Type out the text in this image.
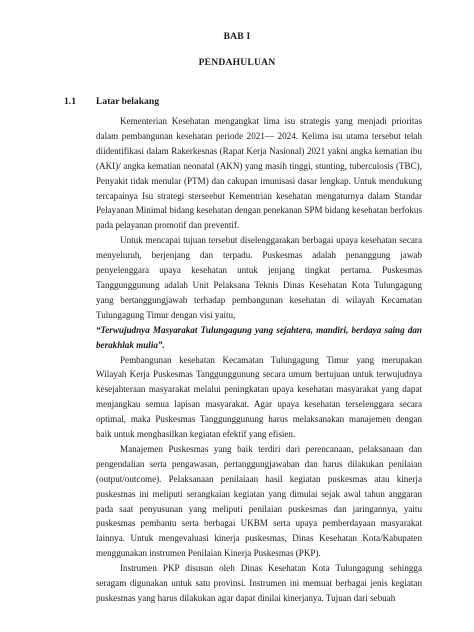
BAB I
PENDAHULUAN
1.1 Latar belakang

Kementerian Kesehatan mengangkat lima isu strategis yang menjadi prioritas dalam pembangunan kesehatan periode 2021— 2024. Kelima isu utama tersebut telah diidentifikasi dalam Rakerkesnas (Rapat Kerja Nasional) 2021 yakni angka kematian ibu (AKI)/ angka kematian neonatal (AKN) yang masih tinggi, stunting, tuberculosis (TBC), Penyakit tidak menular (PTM) dan cakupan imunisasi dasar lengkap. Untuk mendukung tercapainya Isu strategi sterseebut Kementrian kesehatan mengaturnya dalam Standar Pelayanan Minimal bidang kesehatan dengan penekanan SPM bidang kesehatan berfokus pada pelayanan promotif dan preventif.

Untuk mencapai tujuan tersebut diselenggarakan berbagai upaya kesehatan secara menyeluruh, berjenjang dan terpadu. Puskesmas adalah penanggung jawab penyelenggara upaya kesehatan untuk jenjang tingkat pertama. Puskesmas Tanggunggunung adalah Unit Pelaksana Teknis Dinas Kesehatan Kota Tulungagung yang bertanggungjawab terhadap pembangunan kesehatan di wilayah Kecamatan Tulungagung Timur dengan visi yaitu,

“Terwujudnya Masyarakat Tulungagung yang sejahtera, mandiri, berdaya saing dan berakhlak mulia”.

Pembangunan kesehatan Kecamatan Tulungagung Timur yang merupakan Wilayah Kerja Puskesmas Tanggunggunung secara umum bertujuan untuk terwujudnya kesejahteraan masyarakat melalui peningkatan upaya kesehatan masyarakat yang dapat menjangkau semua lapisan masyarakat. Agar upaya kesehatan terselenggara secara optimal, maka Puskesmas Tanggunggunung harus melaksanakan manajemen dengan baik untuk menghasilkan kegiatan efektif yang efisien.

Manajemen Puskesmas yang baik terdiri dari perencanaan, pelaksanaan dan pengendalian serta pengawasan, pertanggungjawaban dan harus dilakukan penilaian (output/outcome). Pelaksanaan penilaiaan hasil kegiatan puskesmas atau kinerja puskesmas ini meliputi serangkaian kegiatan yang dimulai sejak awal tahun anggaran pada saat penyusunan yang meliputi penilaian puskesmas dan jaringannya, yaitu puskesmas pembantu serta berbagai UKBM serta upaya pemberdayaan masyarakat lainnya. Untuk mengevaluasi kinerja puskesmas, Dinas Kesehatan Kota/Kabupaten menggunakan instrumen Penilaian Kinerja Puskesmas (PKP).

Instrumen PKP disusun oleh Dinas Kesehatan Kota Tulungagung sehingga seragam digunakan untuk satu provinsi. Instrumen ini memuat berbagai jenis kegiatan puskesmas yang harus dilakukan agar dapat dinilai kinerjanya. Tujuan dari sebuah
